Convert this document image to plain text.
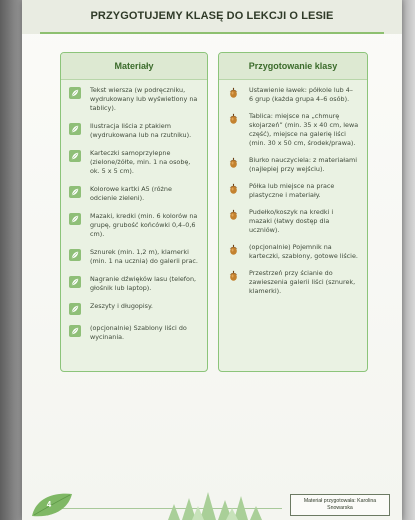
PRZYGOTUJEMY KLASĘ DO LEKCJI O LESIE
Materiały
Tekst wiersza (w podręczniku,
wydrukowany lub wyświetlony na
tablicy).
Ilustracja liścia z ptakiem
(wydrukowana lub na rzutniku).
Karteczki samoprzylepne
(zielone/żółte, min. 1 na osobę,
ok. 5 x 5 cm).
Kolorowe kartki A5 (różne
odcienie zieleni).
Mazaki, kredki (min. 6 kolorów na
grupę, grubość końcówki 0,4–0,6
cm).
Sznurek (min. 1,2 m), klamerki
(min. 1 na ucznia) do galerii prac.
Nagranie dźwięków lasu (telefon,
głośnik lub laptop).
Zeszyty i długopisy.
(opcjonalnie) Szablony liści do
wycinania.
Przygotowanie klasy
Ustawienie ławek: półkole lub 4–
6 grup (każda grupa 4–6 osób).
Tablica: miejsce na „chmurę
skojarzeń” (min. 35 x 40 cm, lewa
część), miejsce na galerię liści
(min. 30 x 50 cm, środek/prawa).
Biurko nauczyciela: z materiałami
(najlepiej przy wejściu).
Półka lub miejsce na prace
plastyczne i materiały.
Pudełko/koszyk na kredki i
mazaki (łatwy dostęp dla
uczniów).
(opcjonalnie) Pojemnik na
karteczki, szablony, gotowe liście.
Przestrzeń przy ścianie do
zawieszenia galerii liści (sznurek,
klamerki).
4	Materiał przygotowała: Karolina
Snowarska
